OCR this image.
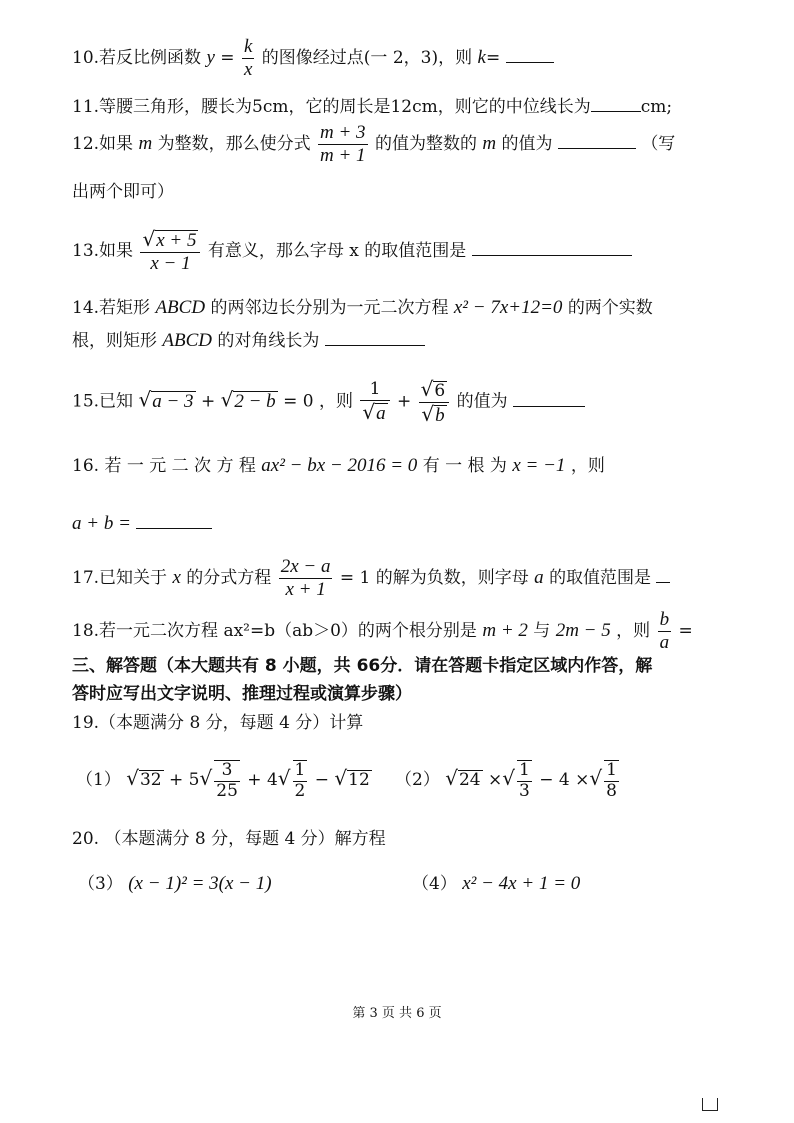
10.若反比例函数 $y = \frac{k}{x}$ 的图像经过点(一 2，3)，则 k=
11.等腰三角形，腰长为5cm，它的周长是12cm，则它的中位线长为	cm;
12.如果 m 为整数，那么使分式 $\frac{m + 3}{m + 1}$ 的值为整数的 m 的值为	（写
出两个即可）
13.如果 $\frac{√x + 5}{x - 1}$ 有意义，那么字母 x 的取值范围是
14.若矩形 ABCD 的两邻边长分别为一元二次方程 x² − 7x+12=0 的两个实数
根，则矩形 ABCD 的对角线长为
15.已知 √a − 3 + √2 − b = 0 ，则 $\frac{1}{√a} + \frac{√6}{√b}$ 的值为
16. 若 一 元 二 次 方 程 ax² − bx − 2016 = 0 有 一 根 为 x = −1 ，则
a + b =
17.已知关于 x 的分式方程 $\frac{2x - a}{x + 1} = 1$ 的解为负数，则字母 a 的取值范围是
18.若一元二次方程 ax²=b（ab＞0）的两个根分别是 m + 2 与 2m − 5 ，则 $\frac{b}{a}$ =
三、解答题（本大题共有 8 小题，共 66分．请在答题卡指定区域内作答，解
答时应写出文字说明、推理过程或演算步骤）
19.（本题满分 8 分，每题 4 分）计算
（1） $√32 + 5√ \frac{3}{25} + 4√ \frac{1}{2} - √12$ （2） √24 ×√ $\frac{1}{3} - 4$ ×√ $\frac{1}{8}$
20. （本题满分 8 分，每题 4 分）解方程
（3） (x − 1)² = 3(x − 1)	（4） x² − 4x + 1 = 0
第 3 页 共 6 页
